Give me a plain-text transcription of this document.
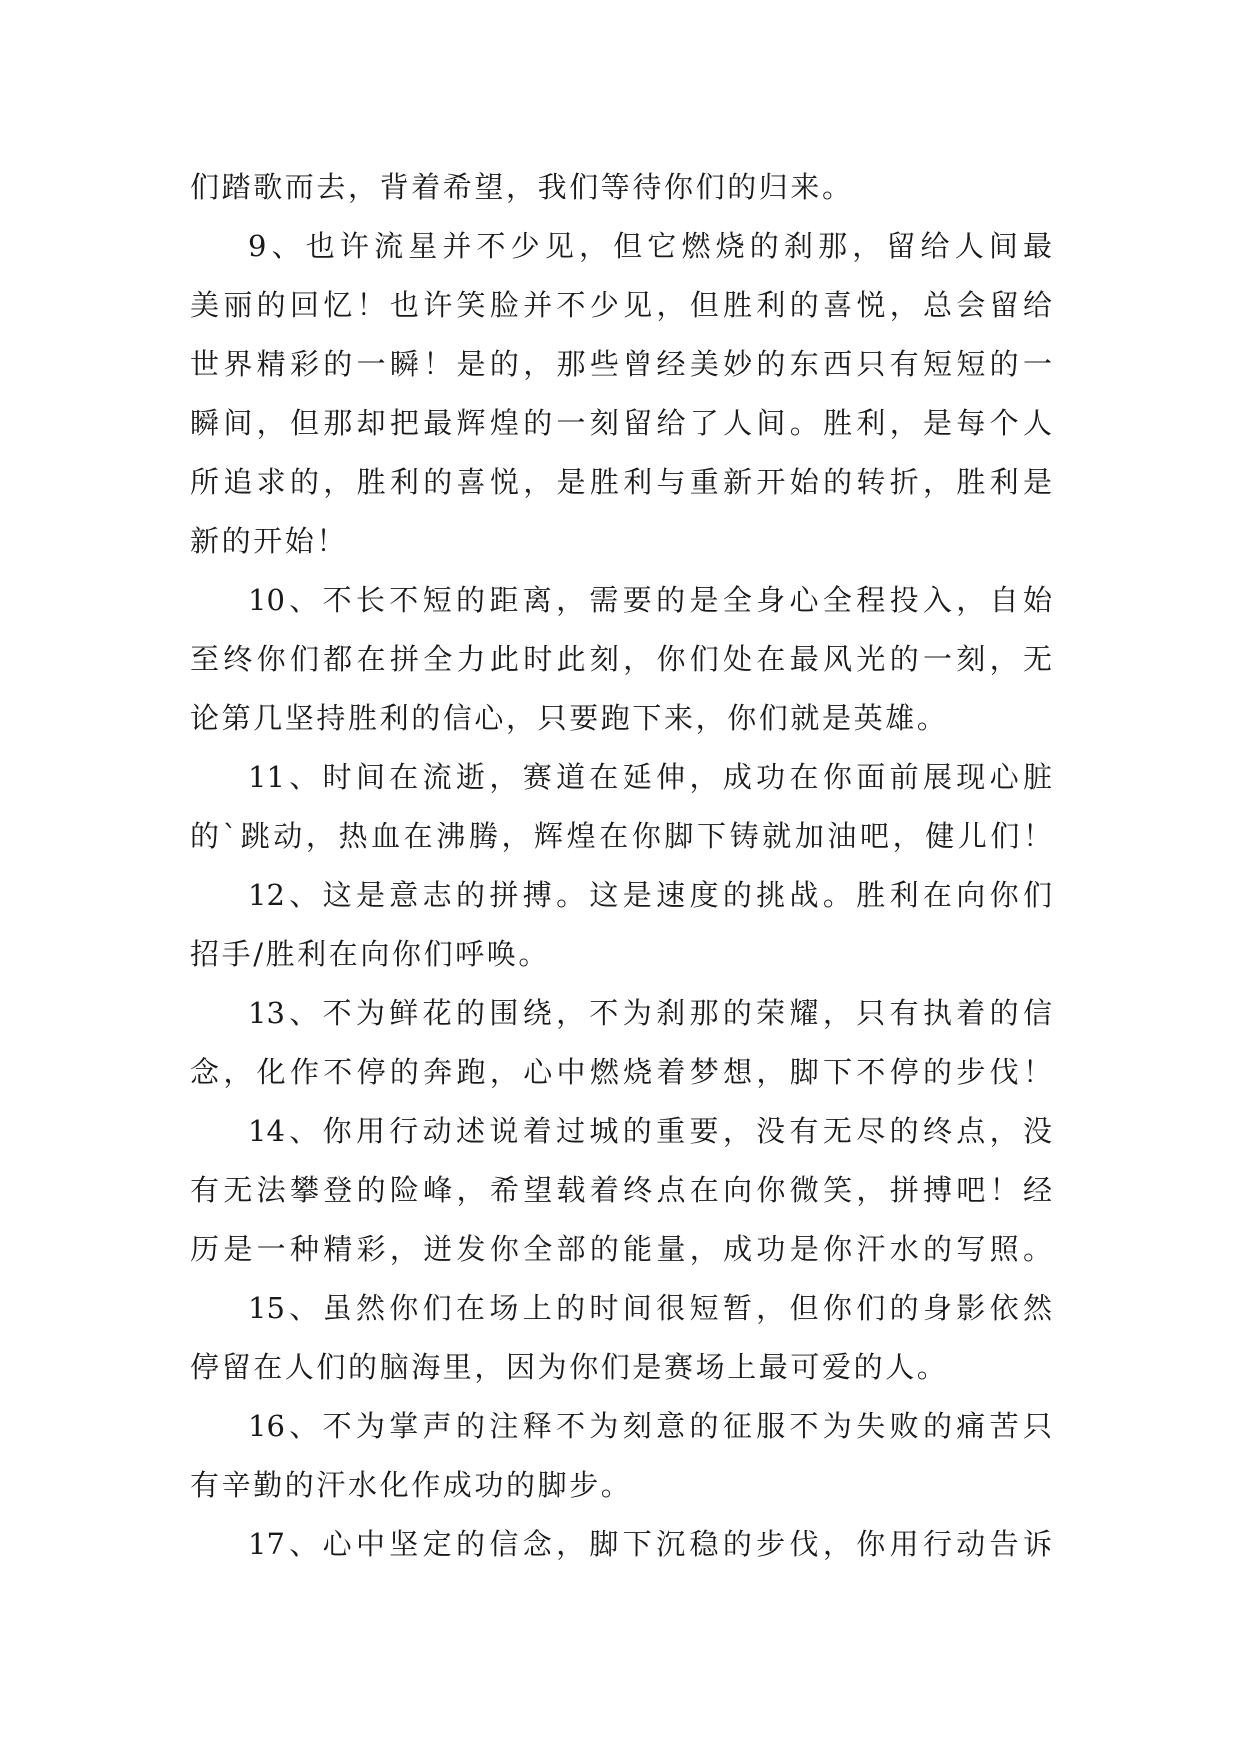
们踏歌而去，背着希望，我们等待你们的归来。
9、也许流星并不少见，但它燃烧的刹那，留给人间最
美丽的回忆！也许笑脸并不少见，但胜利的喜悦，总会留给
世界精彩的一瞬！是的，那些曾经美妙的东西只有短短的一
瞬间，但那却把最辉煌的一刻留给了人间。胜利，是每个人
所追求的，胜利的喜悦，是胜利与重新开始的转折，胜利是
新的开始！
10、不长不短的距离，需要的是全身心全程投入，自始
至终你们都在拼全力此时此刻，你们处在最风光的一刻，无
论第几坚持胜利的信心，只要跑下来，你们就是英雄。
11、时间在流逝，赛道在延伸，成功在你面前展现心脏
的`跳动，热血在沸腾，辉煌在你脚下铸就加油吧，健儿们！
12、这是意志的拼搏。这是速度的挑战。胜利在向你们
招手/胜利在向你们呼唤。
13、不为鲜花的围绕，不为刹那的荣耀，只有执着的信
念，化作不停的奔跑，心中燃烧着梦想，脚下不停的步伐！
14、你用行动述说着过城的重要，没有无尽的终点，没
有无法攀登的险峰，希望载着终点在向你微笑，拼搏吧！经
历是一种精彩，迸发你全部的能量，成功是你汗水的写照。
15、虽然你们在场上的时间很短暂，但你们的身影依然
停留在人们的脑海里，因为你们是赛场上最可爱的人。
16、不为掌声的注释不为刻意的征服不为失败的痛苦只
有辛勤的汗水化作成功的脚步。
17、心中坚定的信念，脚下沉稳的步伐，你用行动告诉
